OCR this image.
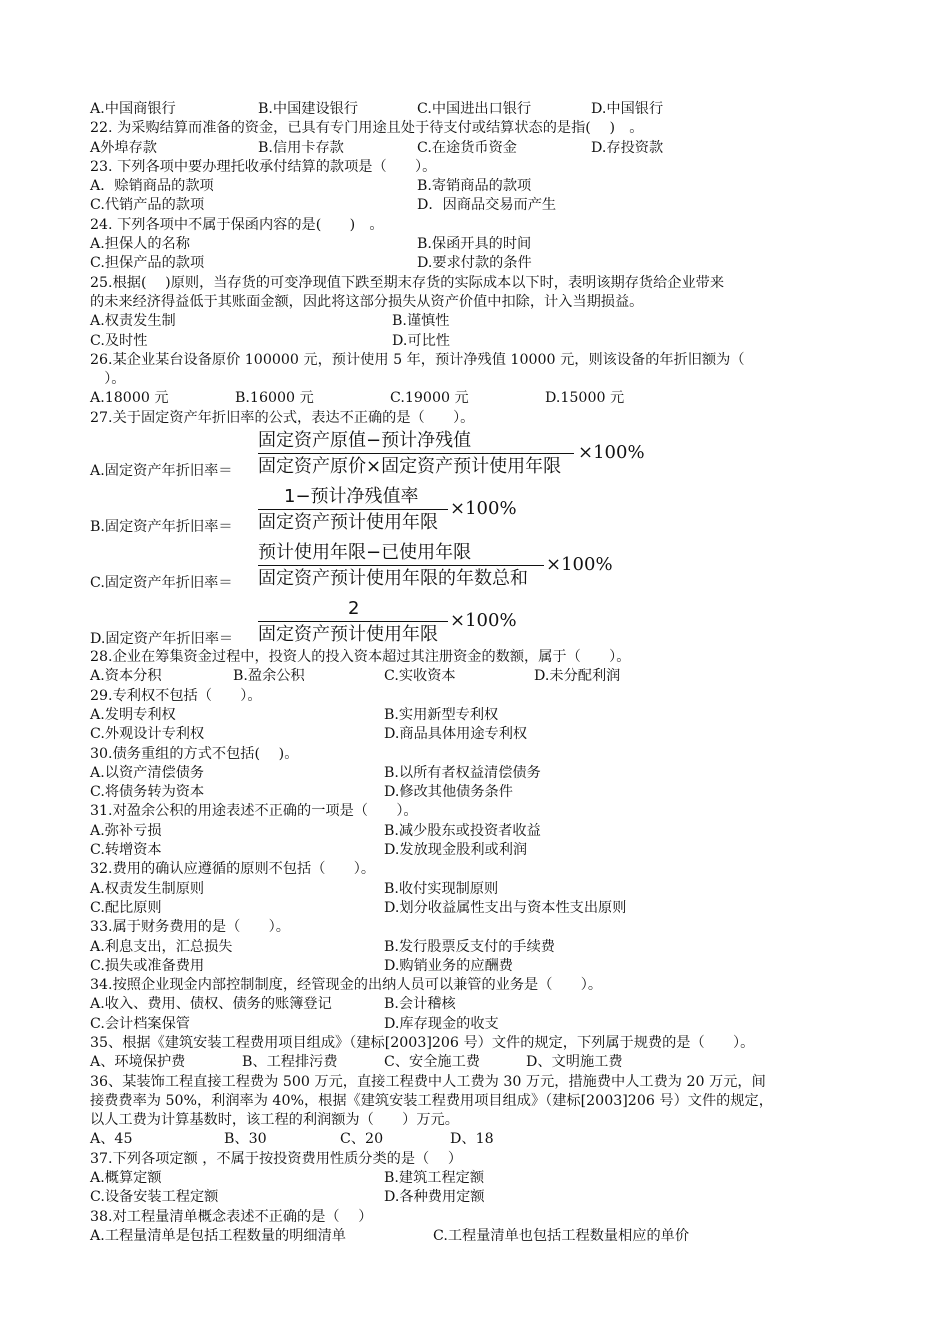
A.中国商银行

	B.中国建设银行

	C.中国进出口银行

	D.中国银行

22. 为采购结算而准备的资金，已具有专门用途且处于待支付或结算状态的是指(　 )　。

A外埠存款

	B.信用卡存款

	C.在途货币资金

	D.存投资款

23. 下列各项中要办理托收承付结算的款项是（　　）。

A．赊销商品的款项

	B.寄销商品的款项

C.代销产品的款项

	D．因商品交易而产生

24. 下列各项中不属于保函内容的是(　　)　。

A.担保人的名称

	B.保函开具的时间

C.担保产品的款项

	D.要求付款的条件

25.根据(　 )原则，当存货的可变净现值下跌至期末存货的实际成本以下时，表明该期存货给企业带来
的未来经济得益低于其账面金额，因此将这部分损失从资产价值中扣除，计入当期损益。

A.权责发生制

	B.谨慎性

C.及时性

	D.可比性

26.某企业某台设备原价 100000 元，预计使用 5 年，预计净残值 10000 元，则该设备的年折旧额为（
　）。

A.18000 元

	B.16000 元

	C.19000 元

	D.15000 元

27.关于固定资产年折旧率的公式，表达不正确的是（　　）。
A.固定资产年折旧率＝
固定资产原值−预计净残值
固定资产原价×固定资产预计使用年限
×100%
B.固定资产年折旧率＝
1−预计净残值率
固定资产预计使用年限
×100%
C.固定资产年折旧率＝
预计使用年限−已使用年限
固定资产预计使用年限的年数总和
×100%
D.固定资产年折旧率＝
2
固定资产预计使用年限
×100%
28.企业在筹集资金过程中，投资人的投入资本超过其注册资金的数额，属于（　　）。

A.资本分积

	B.盈余公积

	C.实收资本

	D.未分配利润

29.专利权不包括（　　）。

A.发明专利权

	B.实用新型专利权

C.外观设计专利权

	D.商品具体用途专利权

30.债务重组的方式不包括(　 )。

A.以资产清偿债务

	B.以所有者权益清偿债务

C.将债务转为资本

	D.修改其他债务条件

31.对盈余公积的用途表述不正确的一项是（　　）。

A.弥补亏损

	B.减少股东或投资者收益

C.转增资本

	D.发放现金股利或利润

32.费用的确认应遵循的原则不包括（　　）。

A.权责发生制原则

	B.收付实现制原则

C.配比原则

	D.划分收益属性支出与资本性支出原则

33.属于财务费用的是（　　）。

A.利息支出，汇总损失

	B.发行股票反支付的手续费

C.损失或准备费用

	D.购销业务的应酬费

34.按照企业现金内部控制制度，经管现金的出纳人员可以兼管的业务是（　　）。

A.收入、费用、债权、债务的账簿登记

	B.会计稽核

C.会计档案保管

	D.库存现金的收支

35、根据《建筑安装工程费用项目组成》（建标[2003]206 号）文件的规定，下列属于规费的是（　　）。

A、环境保护费

	B、工程排污费

	C、安全施工费

	D、文明施工费

36、某装饰工程直接工程费为 500 万元，直接工程费中人工费为 30 万元，措施费中人工费为 20 万元，间
接费费率为 50%，利润率为 40%，根据《建筑安装工程费用项目组成》（建标[2003]206 号）文件的规定，
以人工费为计算基数时，该工程的利润额为（　　）万元。

A、45

	B、30

	C、20

	D、18

37.下列各项定额 ，不属于按投资费用性质分类的是（　 ）

A.概算定额

	B.建筑工程定额

C.设备安装工程定额

	D.各种费用定额

38.对工程量清单概念表述不正确的是（　 ）

A.工程量清单是包括工程数量的明细清单

	C.工程量清单也包括工程数量相应的单价
